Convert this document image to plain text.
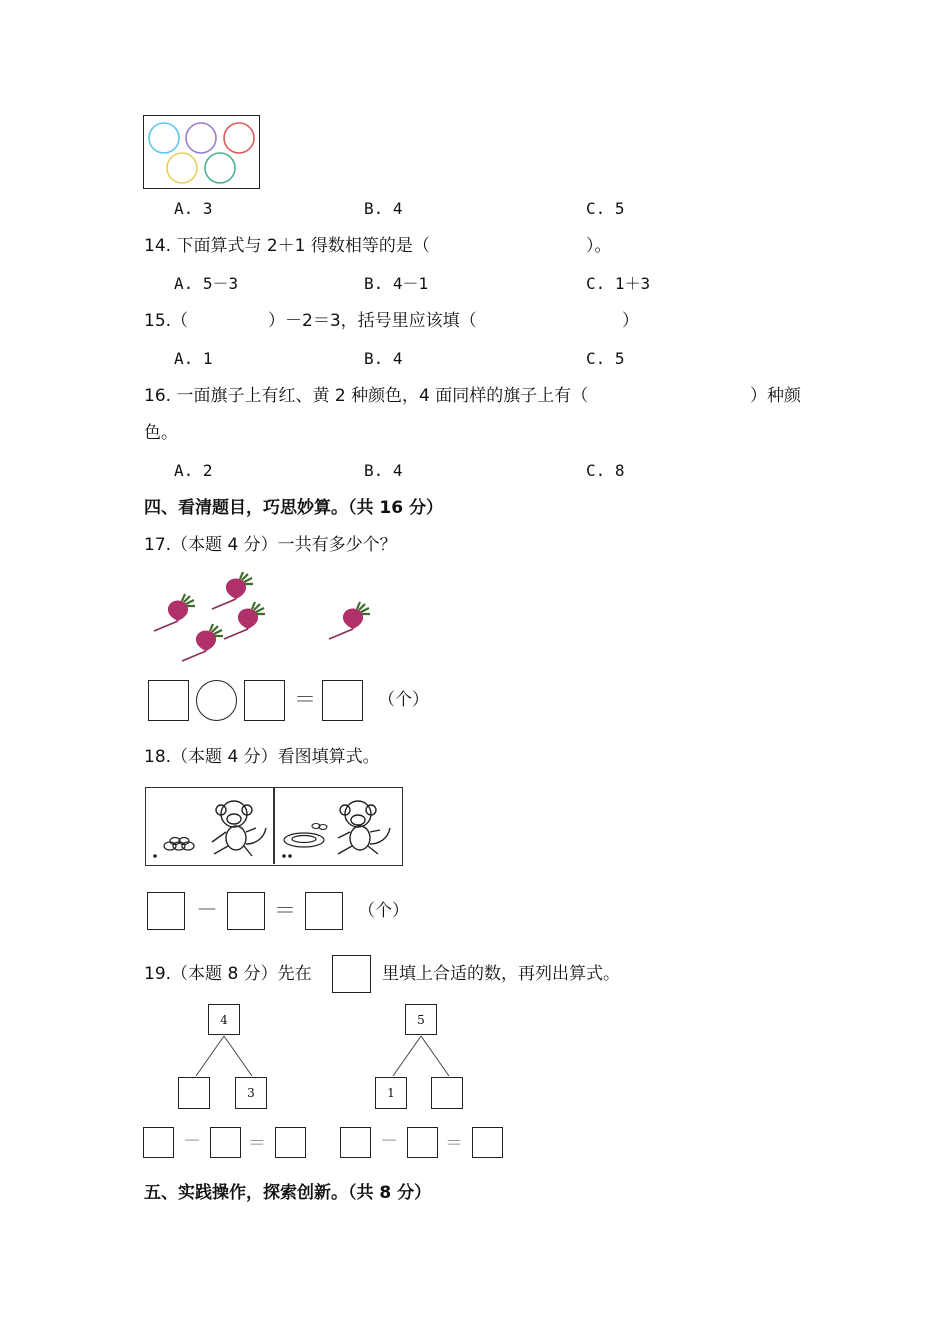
A. 3	B. 4	C. 5
14. 下面算式与 2＋1 得数相等的是（	）。
A. 5－3	B. 4－1	C. 1＋3
15.（	）－2＝3，括号里应该填（	）
A. 1	B. 4	C. 5
16. 一面旗子上有红、黄 2 种颜色，4 面同样的旗子上有（	）种颜
色。
A. 2	B. 4	C. 8
四、看清题目，巧思妙算。（共 16 分）
17.（本题 4 分）一共有多少个？
＝	（个）
18.（本题 4 分）看图填算式。
－	＝	（个）
19.（本题 8 分）先在	里填上合适的数，再列出算式。
4
3
5
1
－	＝	－	＝
五、实践操作，探索创新。（共 8 分）
